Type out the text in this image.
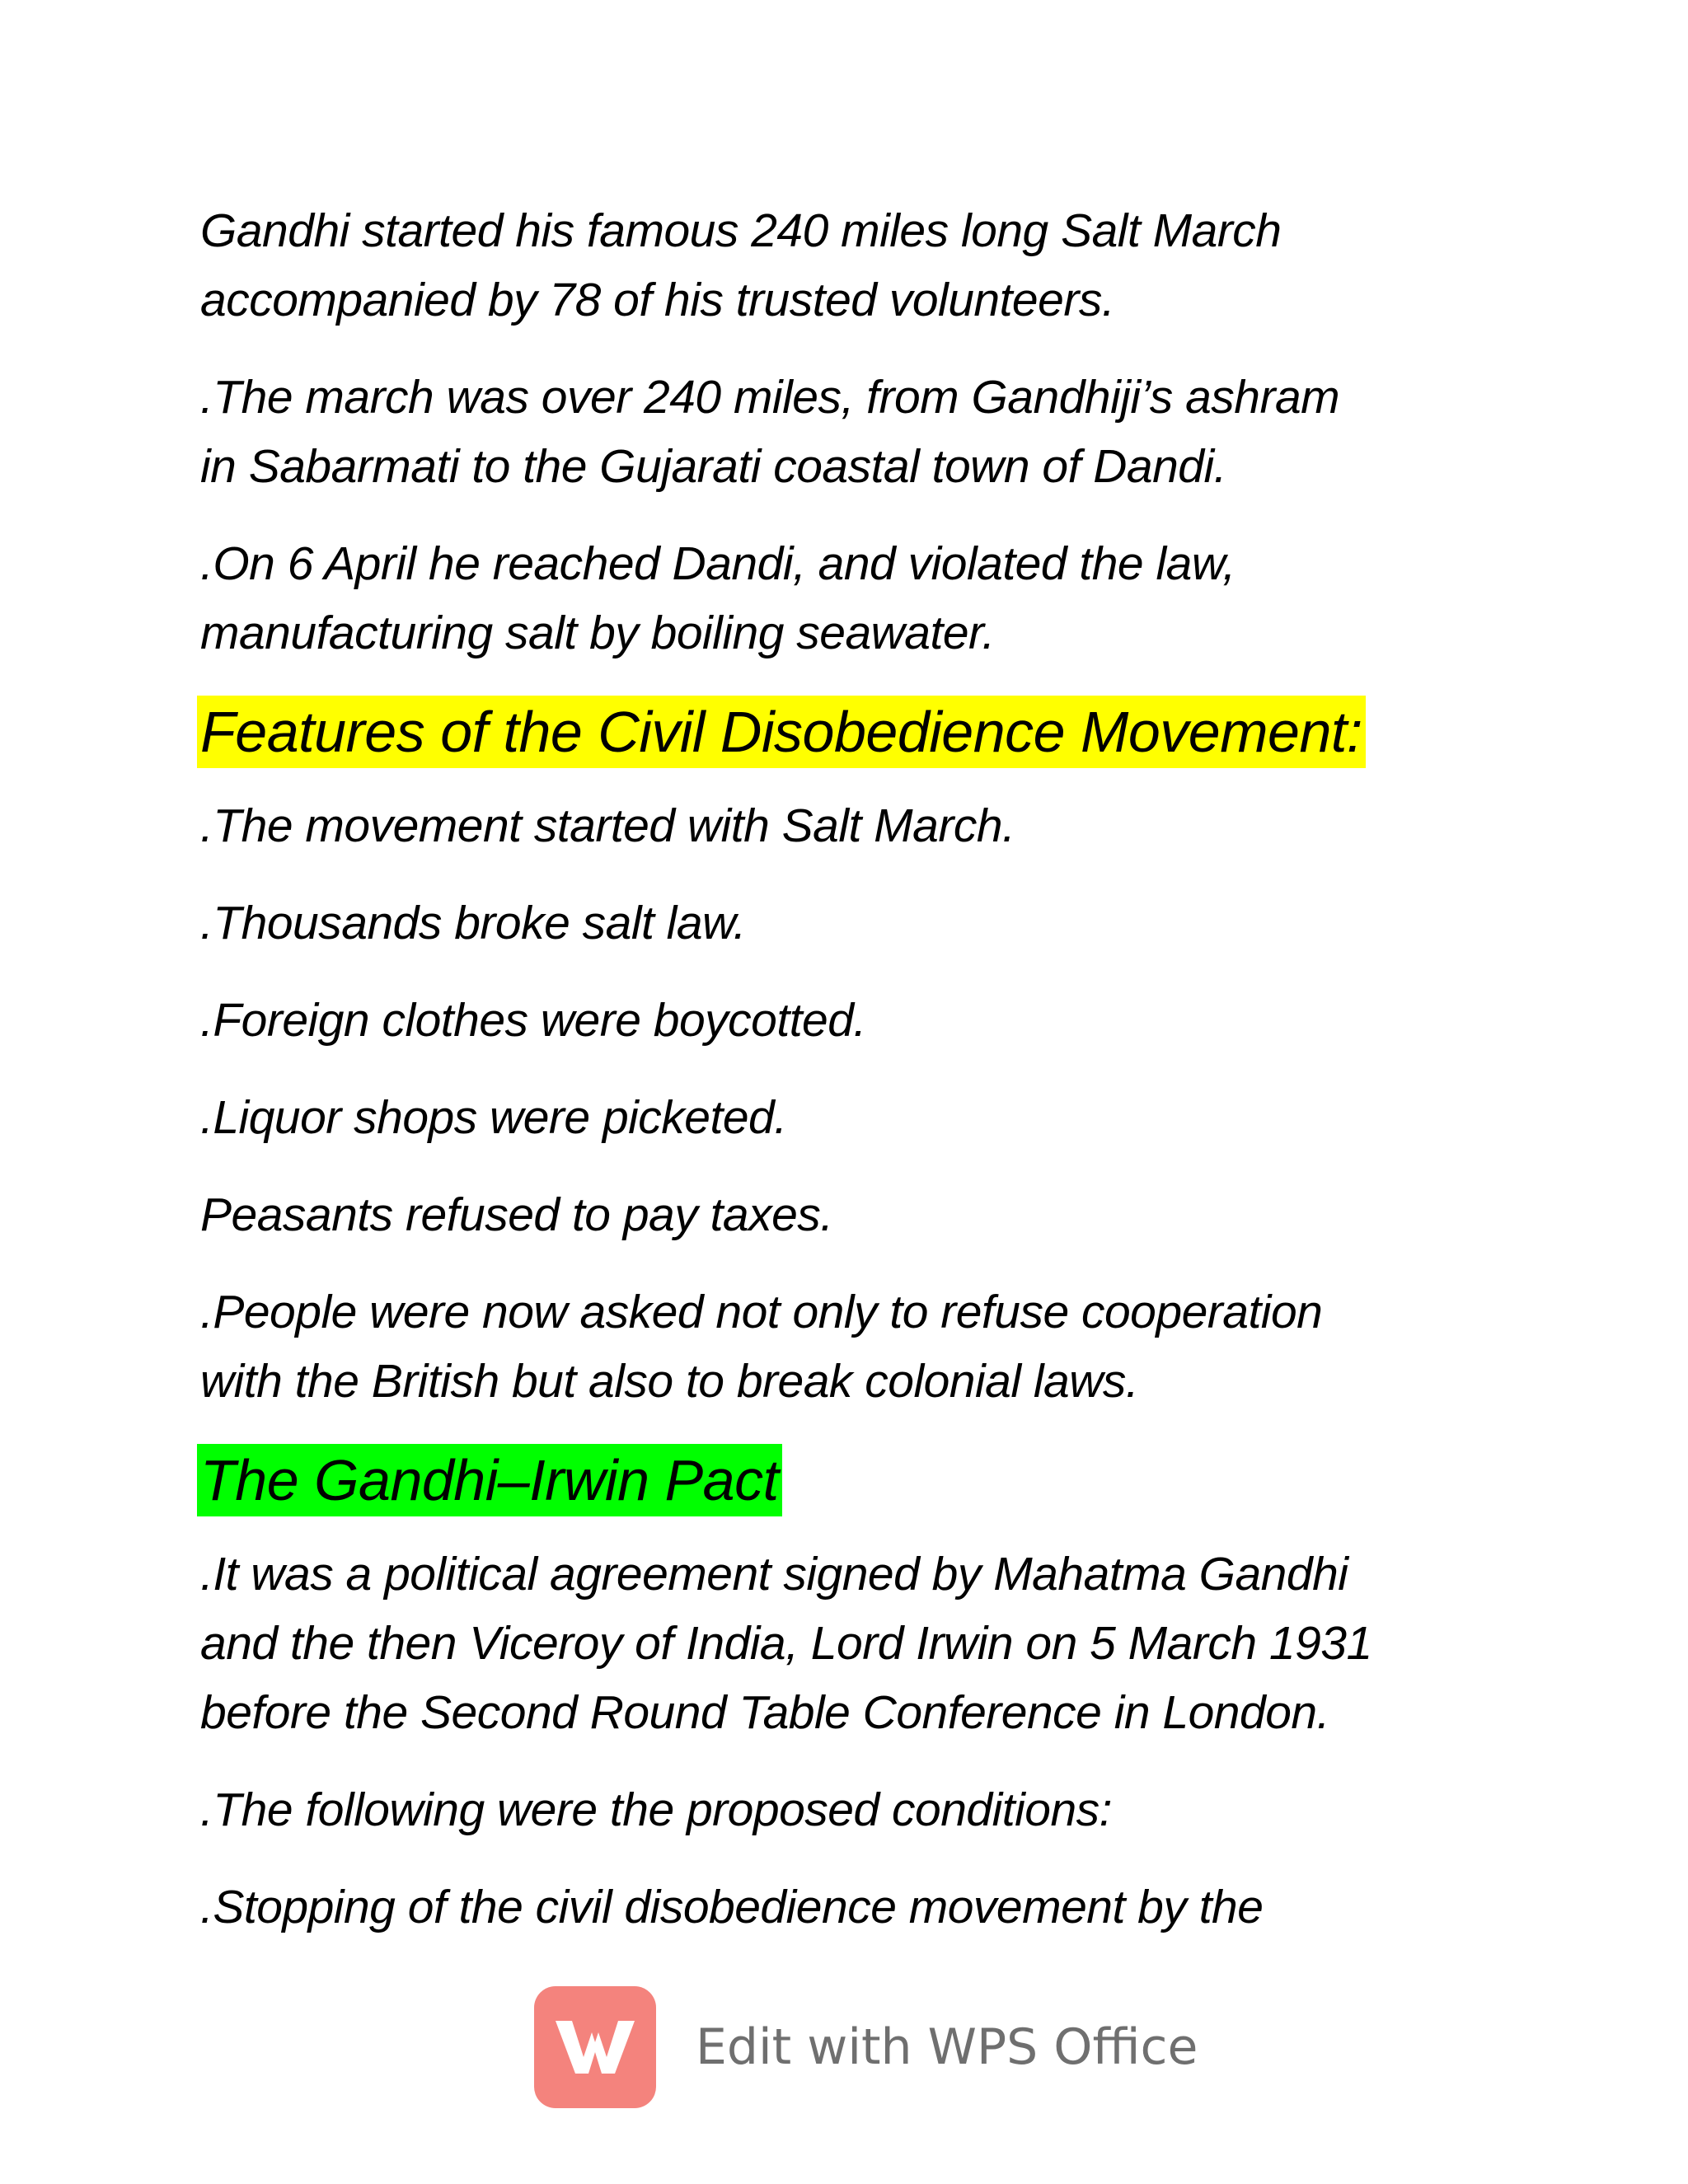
Gandhi started his famous 240 miles long Salt March
accompanied by 78 of his trusted volunteers.

.The march was over 240 miles, from Gandhiji’s ashram
in Sabarmati to the Gujarati coastal town of Dandi.

.On 6 April he reached Dandi, and violated the law,
manufacturing salt by boiling seawater.

Features of the Civil Disobedience Movement:

.The movement started with Salt March.

.Thousands broke salt law.

.Foreign clothes were boycotted.

.Liquor shops were picketed.

Peasants refused to pay taxes.

.People were now asked not only to refuse cooperation
with the British but also to break colonial laws.

The Gandhi–Irwin Pact

.It was a political agreement signed by Mahatma Gandhi
and the then Viceroy of India, Lord Irwin on 5 March 1931
before the Second Round Table Conference in London.

.The following were the proposed conditions:

.Stopping of the civil disobedience movement by the

Edit with WPS Office
